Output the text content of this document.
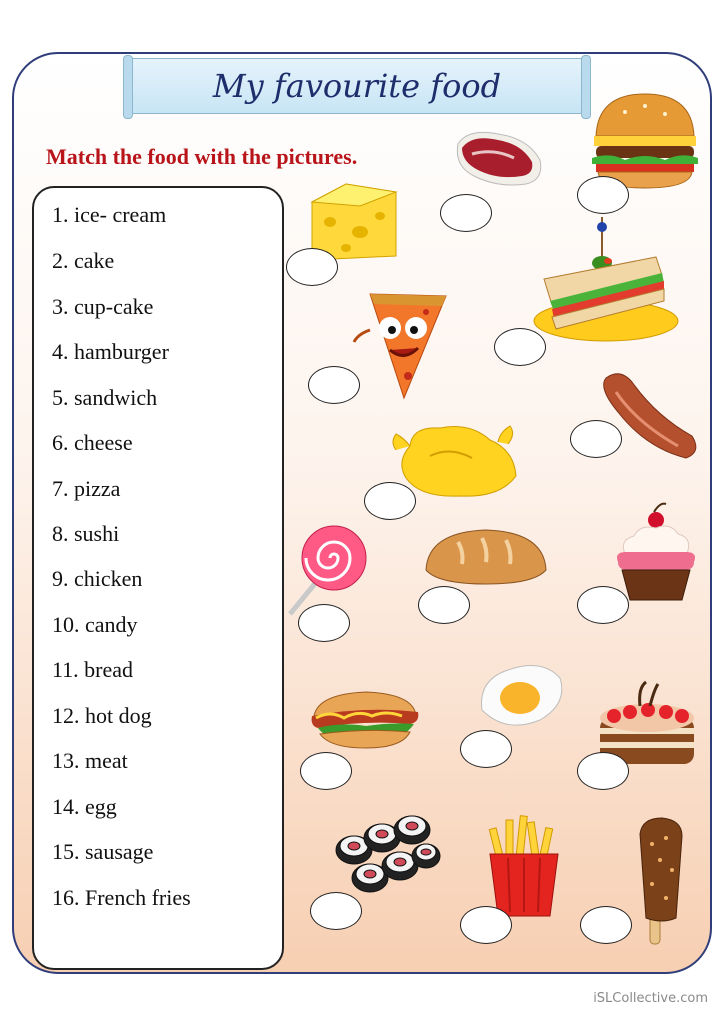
My favourite food
Match the food with the pictures.
1. ice- cream
2. cake
3. cup-cake
4. hamburger
5. sandwich
6. cheese
7. pizza
8. sushi
9. chicken
10. candy
11. bread
12. hot dog
13. meat
14. egg
15. sausage
16. French fries
iSLCollective.com
